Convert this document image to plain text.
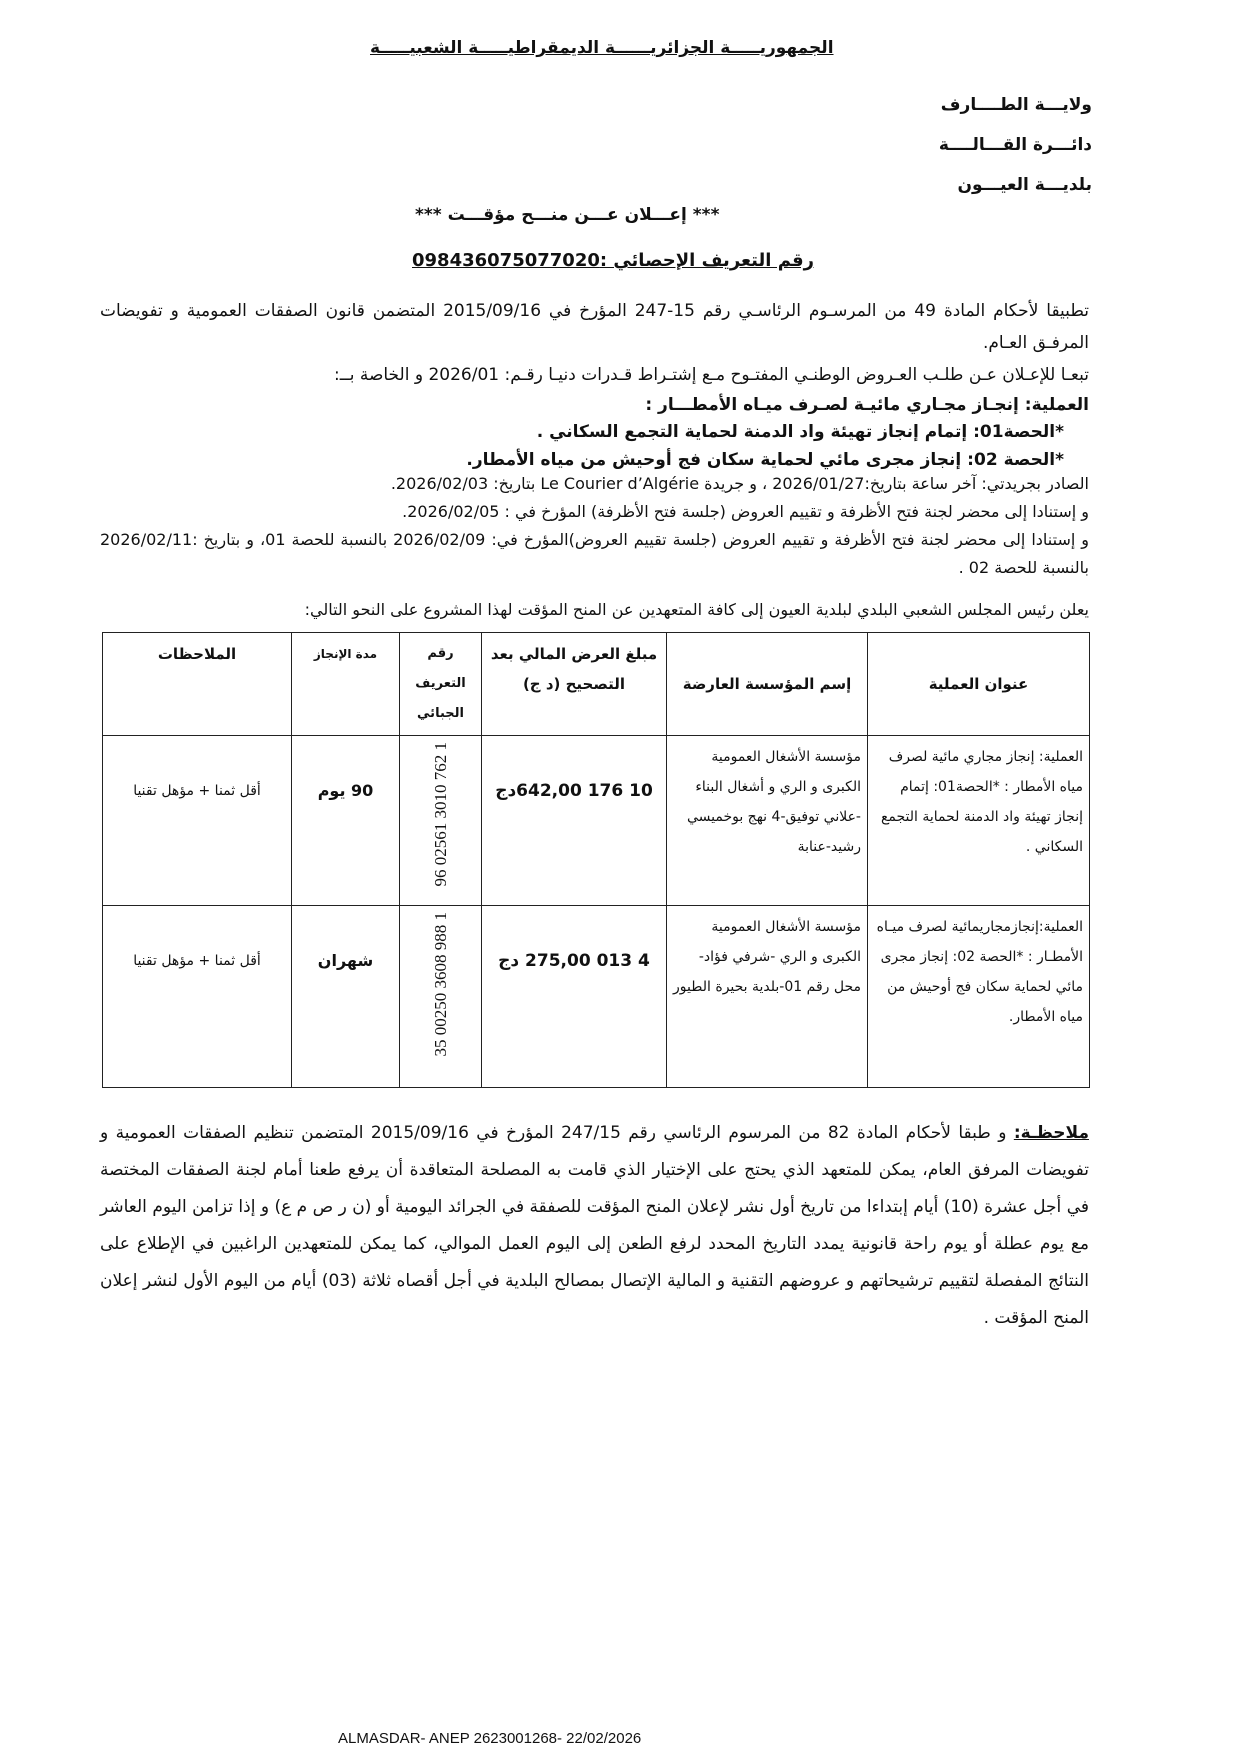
الجمهوريـــــة الجزائريــــــة الديمقراطيـــــة الشعبيـــــة
ولايـــة الطــــارف
دائـــرة القـــالــــة
بلديـــة العيـــون
*** إعـــلان عـــن منـــح مؤقـــت ***
رقم التعريف الإحصائي :098436075077020
تطبيقا لأحكام المادة 49 من المرسـوم الرئاسـي رقم 15-247 المؤرخ في 2015/09/16 المتضمن قانون الصفقات العمومية و تفويضات المرفـق العـام.
تبعـا للإعـلان عـن طلـب العـروض الوطنـي المفتـوح مـع إشتـراط قـدرات دنيـا رقـم: 2026/01 و الخاصة بــ:
العملية: إنجـاز مجـاري مائيـة لصـرف ميـاه الأمطـــار :
*الحصة01: إتمام إنجاز تهيئة واد الدمنة لحماية التجمع السكاني .
*الحصة 02: إنجاز مجرى مائي لحماية سكان فج أوحيش من مياه الأمطار.
الصادر بجريدتي: آخر ساعة بتاريخ:2026/01/27 ، و جريدة Le Courier d’Algérie بتاريخ: 2026/02/03.
و إستنادا إلى محضر لجنة فتح الأظرفة و تقييم العروض (جلسة فتح الأظرفة) المؤرخ في : 2026/02/05.
و إستنادا إلى محضر لجنة فتح الأظرفة و تقييم العروض (جلسة تقييم العروض)المؤرخ في: 2026/02/09 بالنسبة للحصة 01، و بتاريخ :2026/02/11 بالنسبة للحصة 02 .
يعلن رئيس المجلس الشعبي البلدي لبلدية العيون إلى كافة المتعهدين عن المنح المؤقت لهذا المشروع على النحو التالي:
عنوان العملية	إسم المؤسسة العارضة	مبلغ العرض المالي بعد التصحيح (د ج)	رقم التعريف الجبائي	مدة الإنجاز	الملاحظات
العملية: إنجاز مجاري مائية لصرف مياه الأمطار : *الحصة01: إتمام إنجاز تهيئة واد الدمنة لحماية التجمع السكاني .	مؤسسة الأشغال العمومية الكبرى و الري و أشغال البناء -علاني توفيق-4 نهج بوخميسي رشيد-عنابة	10 176 642,00دج	1 762 3010 02561 96	90 يوم	أقل ثمنا + مؤهل تقنيا
العملية:إنجازمجاريمائية لصرف ميـاه الأمطـار : *الحصة 02: إنجاز مجرى مائي لحماية سكان فج أوحيش من مياه الأمطار.	مؤسسة الأشغال العمومية الكبرى و الري -شرفي فؤاد- محل رقم 01-بلدية بحيرة الطيور	4 013 275,00 دج	1 988 3608 00250 35	شهران	أقل ثمنا + مؤهل تقنيا
ملاحظـة: و طبقا لأحكام المادة 82 من المرسوم الرئاسي رقم 247/15 المؤرخ في 2015/09/16 المتضمن تنظيم الصفقات العمومية و تفويضات المرفق العام، يمكن للمتعهد الذي يحتج على الإختيار الذي قامت به المصلحة المتعاقدة أن يرفع طعنا أمام لجنة الصفقات المختصة في أجل عشرة (10) أيام إبتداءا من تاريخ أول نشر لإعلان المنح المؤقت للصفقة في الجرائد اليومية أو (ن ر ص م ع) و إذا تزامن اليوم العاشر مع يوم عطلة أو يوم راحة قانونية يمدد التاريخ المحدد لرفع الطعن إلى اليوم العمل الموالي، كما يمكن للمتعهدين الراغبين في الإطلاع على النتائج المفصلة لتقييم ترشيحاتهم و عروضهم التقنية و المالية الإتصال بمصالح البلدية في أجل أقصاه ثلاثة (03) أيام من اليوم الأول لنشر إعلان المنح المؤقت .
ALMASDAR- ANEP 2623001268- 22/02/2026
